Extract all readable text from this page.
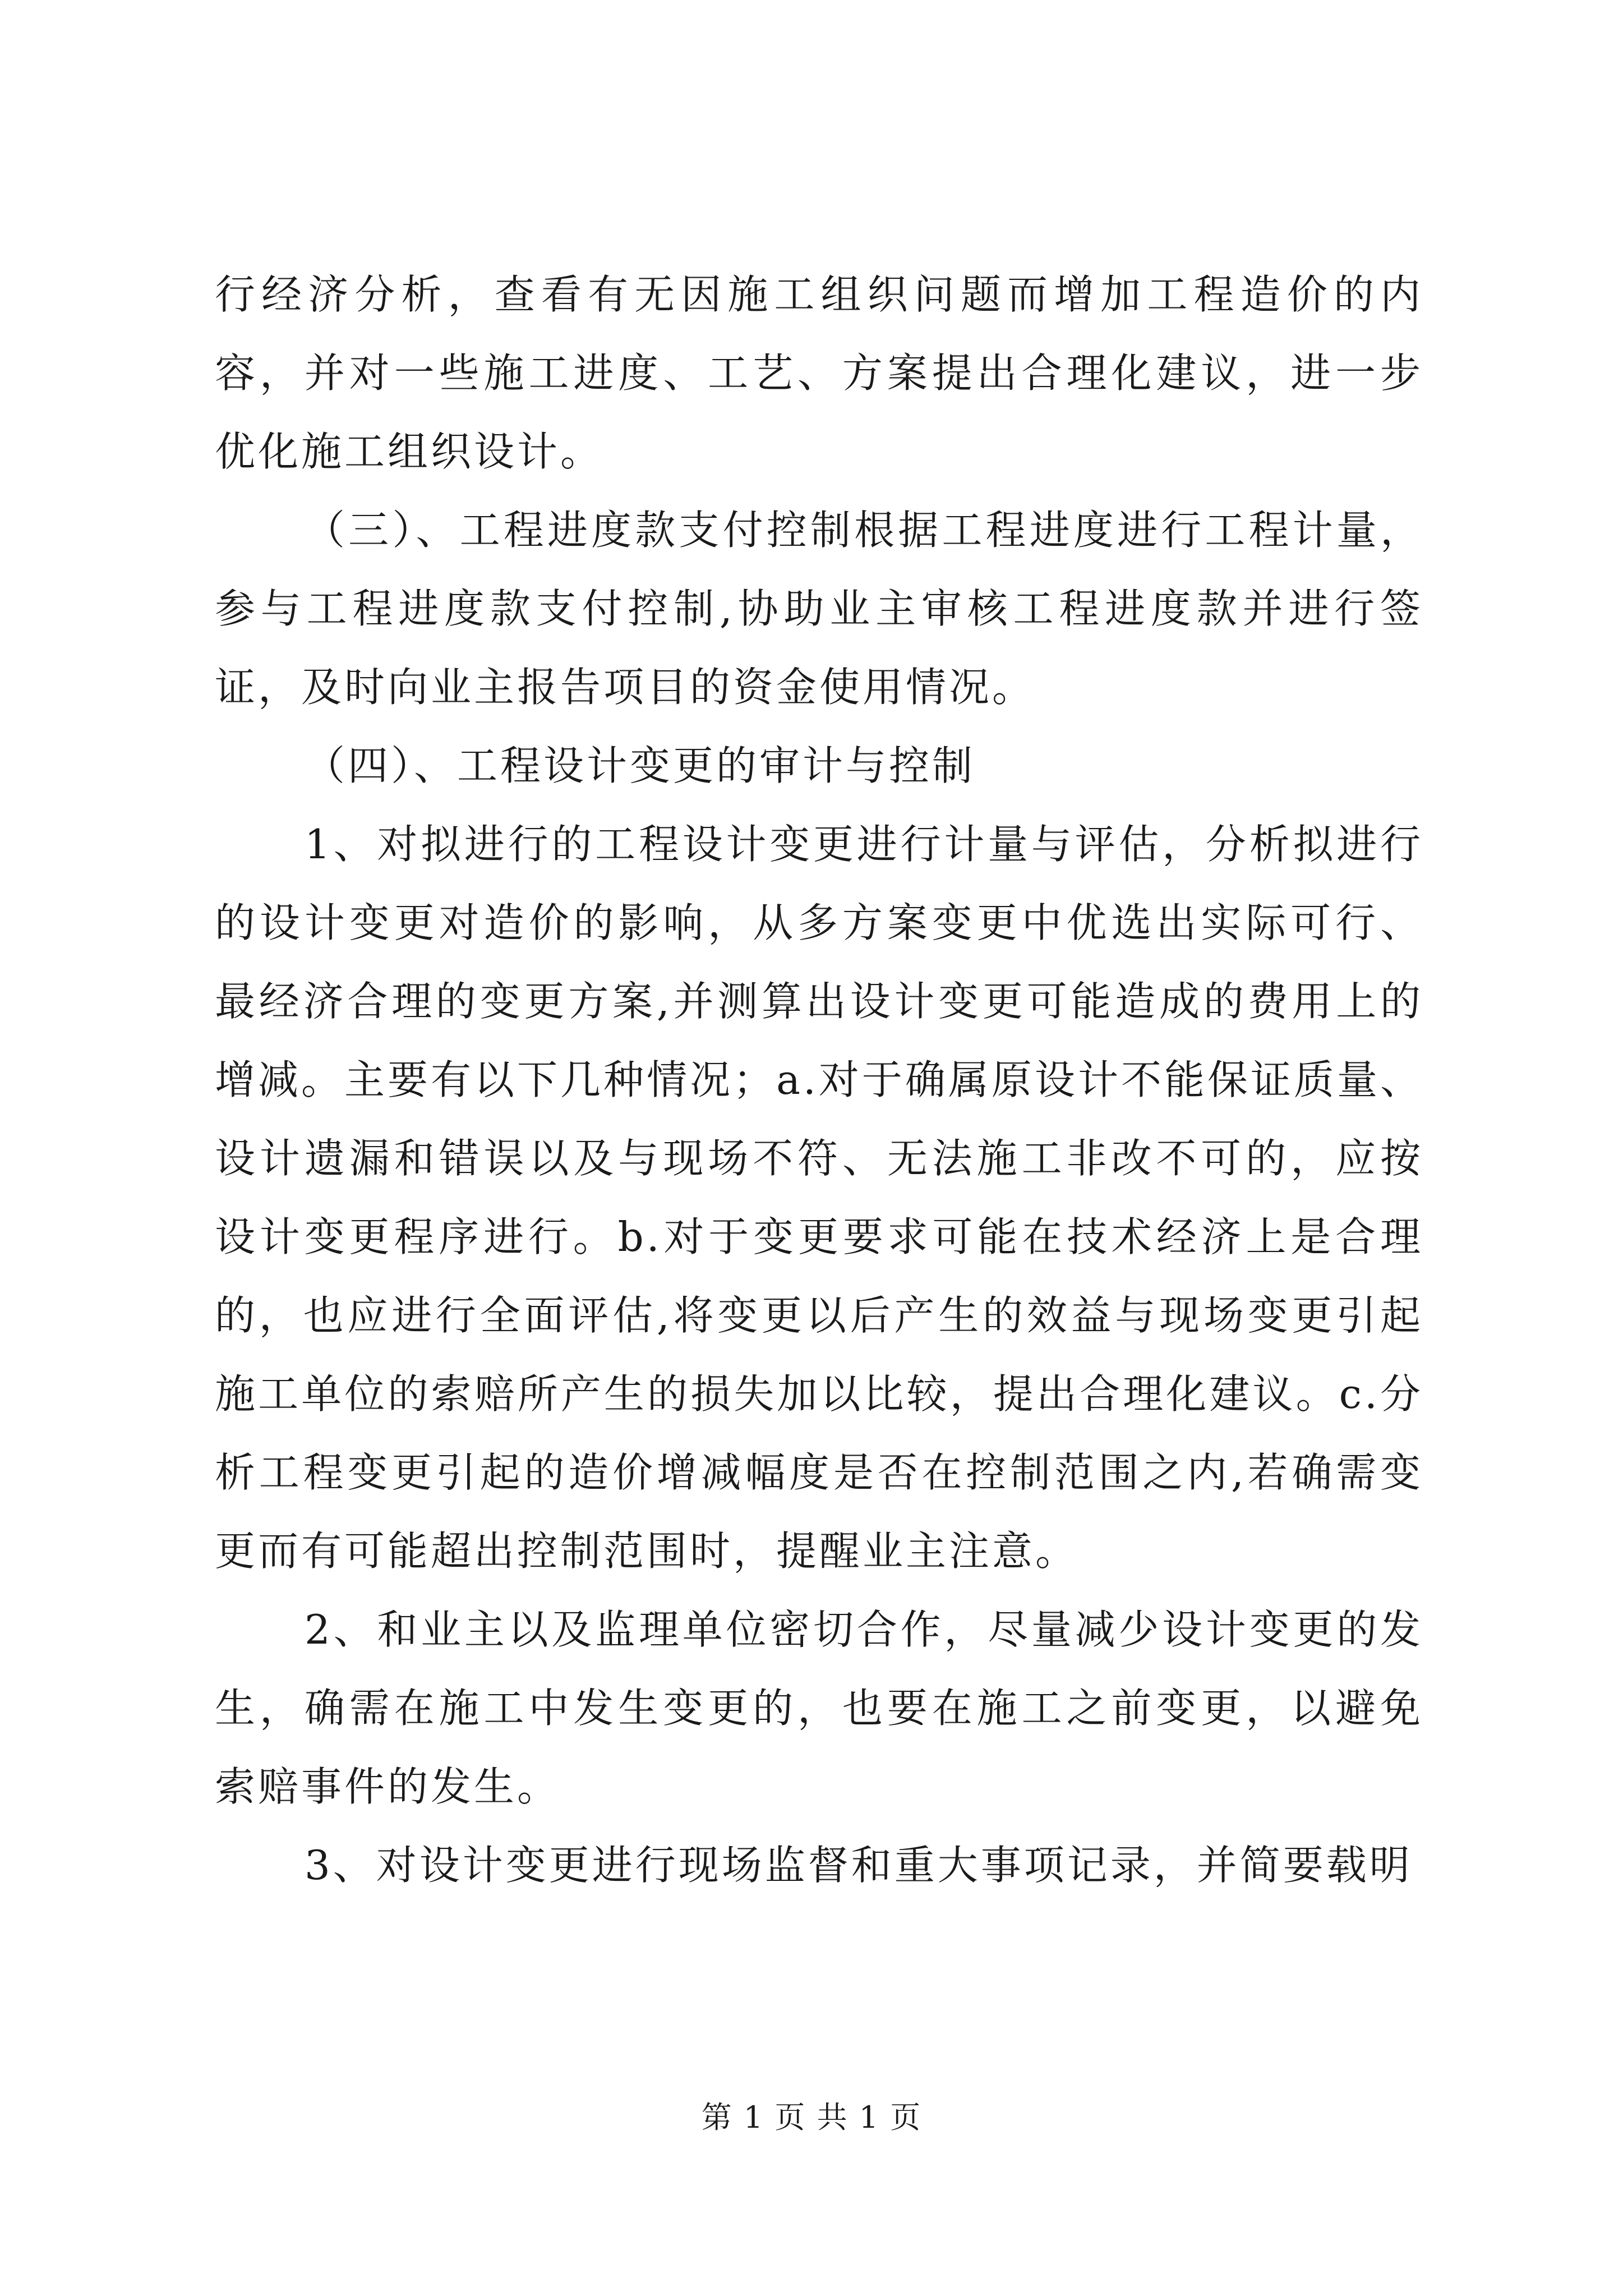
行经济分析，查看有无因施工组织问题而增加工程造价的内容，并对一些施工进度、工艺、方案提出合理化建议，进一步优化施工组织设计。

（三）、工程进度款支付控制根据工程进度进行工程计量，参与工程进度款支付控制,协助业主审核工程进度款并进行签证，及时向业主报告项目的资金使用情况。

（四）、工程设计变更的审计与控制

1、对拟进行的工程设计变更进行计量与评估，分析拟进行的设计变更对造价的影响，从多方案变更中优选出实际可行、最经济合理的变更方案,并测算出设计变更可能造成的费用上的增减。主要有以下几种情况；a.对于确属原设计不能保证质量、设计遗漏和错误以及与现场不符、无法施工非改不可的，应按设计变更程序进行。b.对于变更要求可能在技术经济上是合理的，也应进行全面评估,将变更以后产生的效益与现场变更引起施工单位的索赔所产生的损失加以比较，提出合理化建议。c.分析工程变更引起的造价增减幅度是否在控制范围之内,若确需变更而有可能超出控制范围时，提醒业主注意。

2、和业主以及监理单位密切合作，尽量减少设计变更的发生，确需在施工中发生变更的，也要在施工之前变更，以避免索赔事件的发生。

3、对设计变更进行现场监督和重大事项记录，并简要载明

第 1 页 共 1 页
